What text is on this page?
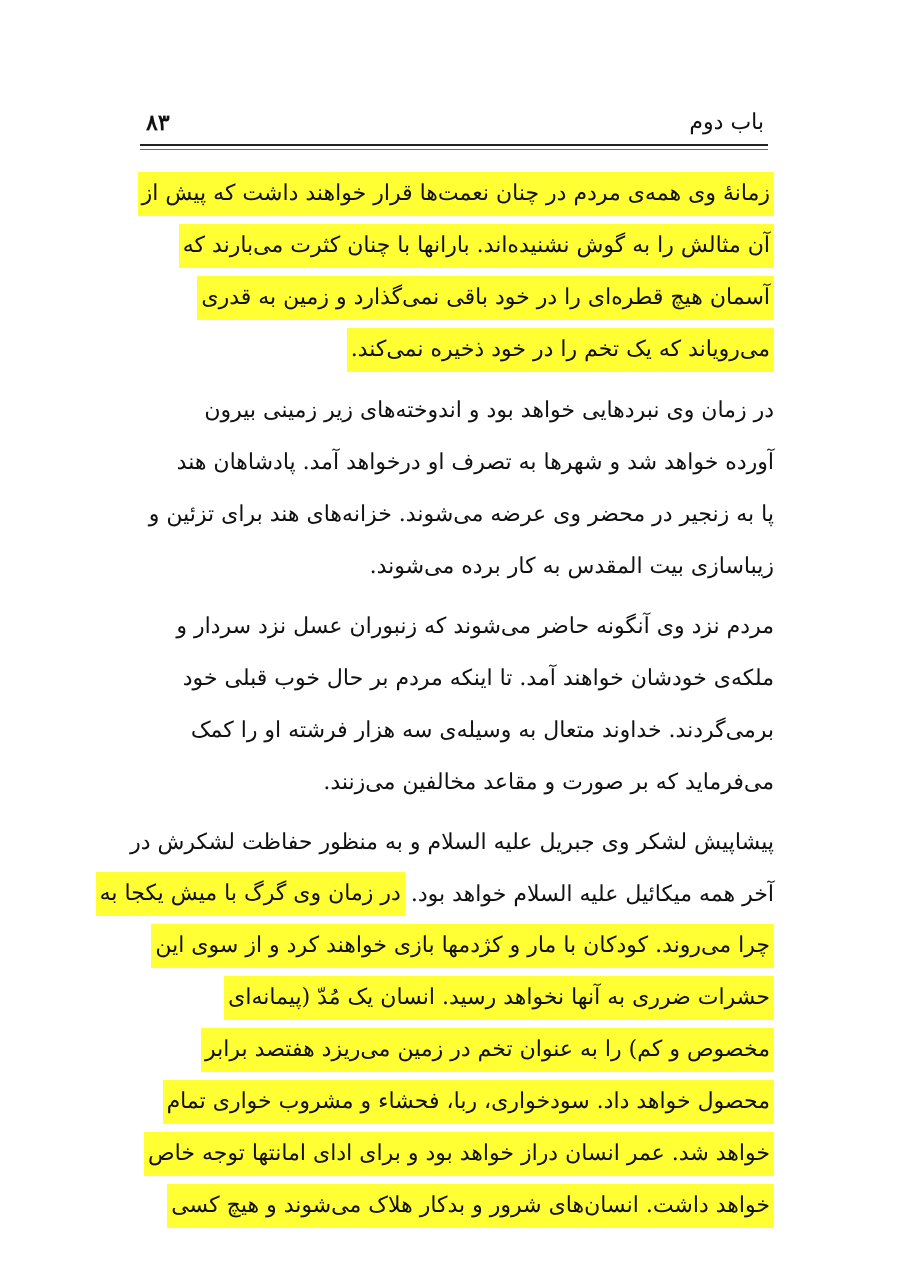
باب دوم
۸۳
زمانهٔ وی همه‌ی مردم در چنان نعمت‌ها قرار خواهند داشت که پیش از
آن مثالش را به گوش نشنیده‌اند. بارانها با چنان کثرت می‌بارند که
آسمان هیچ قطره‌ای را در خود باقی نمی‌گذارد و زمین به قدری
می‌رویاند که یک تخم را در خود ذخیره نمی‌کند.
در زمان وی نبردهایی خواهد بود و اندوخته‌های زیر زمینی بیرون
آورده خواهد شد و شهرها به تصرف او درخواهد آمد. پادشاهان هند
پا به زنجیر در محضر وی عرضه می‌شوند. خزانه‌های هند برای تزئین و
زیباسازی بیت المقدس به کار برده می‌شوند.
مردم نزد وی آنگونه حاضر می‌شوند که زنبوران عسل نزد سردار و
ملکه‌ی خودشان خواهند آمد. تا اینکه مردم بر حال خوب قبلی خود
برمی‌گردند. خداوند متعال به وسیله‌ی سه هزار فرشته او را کمک
می‌فرماید که بر صورت و مقاعد مخالفین می‌زنند.
پیشاپیش لشکر وی جبریل علیه السلام و به منظور حفاظت لشکرش در
آخر همه میکائیل علیه السلام خواهد بود.
در زمان وی گرگ با میش یکجا به
چرا می‌روند. کودکان با مار و کژدمها بازی خواهند کرد و از سوی این
حشرات ضرری به آنها نخواهد رسید. انسان یک مُدّ (پیمانه‌ای
مخصوص و کم) را به عنوان تخم در زمین می‌ریزد هفتصد برابر
محصول خواهد داد. سودخواری، ربا، فحشاء و مشروب خواری تمام
خواهد شد. عمر انسان دراز خواهد بود و برای ادای امانتها توجه خاص
خواهد داشت. انسان‌های شرور و بدکار هلاک می‌شوند و هیچ کسی
